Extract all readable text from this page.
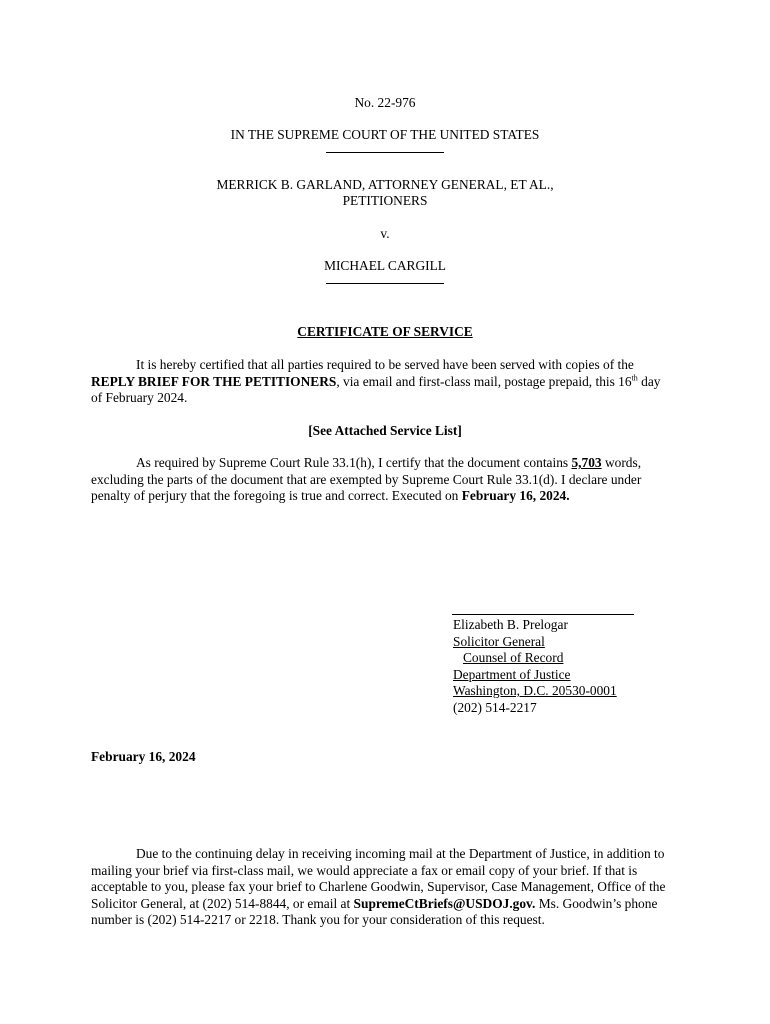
No. 22-976
IN THE SUPREME COURT OF THE UNITED STATES
MERRICK B. GARLAND, ATTORNEY GENERAL, ET AL.,
PETITIONERS
v.
MICHAEL CARGILL
CERTIFICATE OF SERVICE
It is hereby certified that all parties required to be served have been served with copies of the REPLY BRIEF FOR THE PETITIONERS, via email and first-class mail, postage prepaid, this 16th day of February 2024.
[See Attached Service List]
As required by Supreme Court Rule 33.1(h), I certify that the document contains 5,703 words, excluding the parts of the document that are exempted by Supreme Court Rule 33.1(d). I declare under penalty of perjury that the foregoing is true and correct. Executed on February 16, 2024.
Elizabeth B. Prelogar
Solicitor General
Counsel of Record
Department of Justice
Washington, D.C. 20530-0001
(202) 514-2217
February 16, 2024
Due to the continuing delay in receiving incoming mail at the Department of Justice, in addition to mailing your brief via first-class mail, we would appreciate a fax or email copy of your brief. If that is acceptable to you, please fax your brief to Charlene Goodwin, Supervisor, Case Management, Office of the Solicitor General, at (202) 514-8844, or email at SupremeCtBriefs@USDOJ.gov. Ms. Goodwin’s phone number is (202) 514-2217 or 2218. Thank you for your consideration of this request.
